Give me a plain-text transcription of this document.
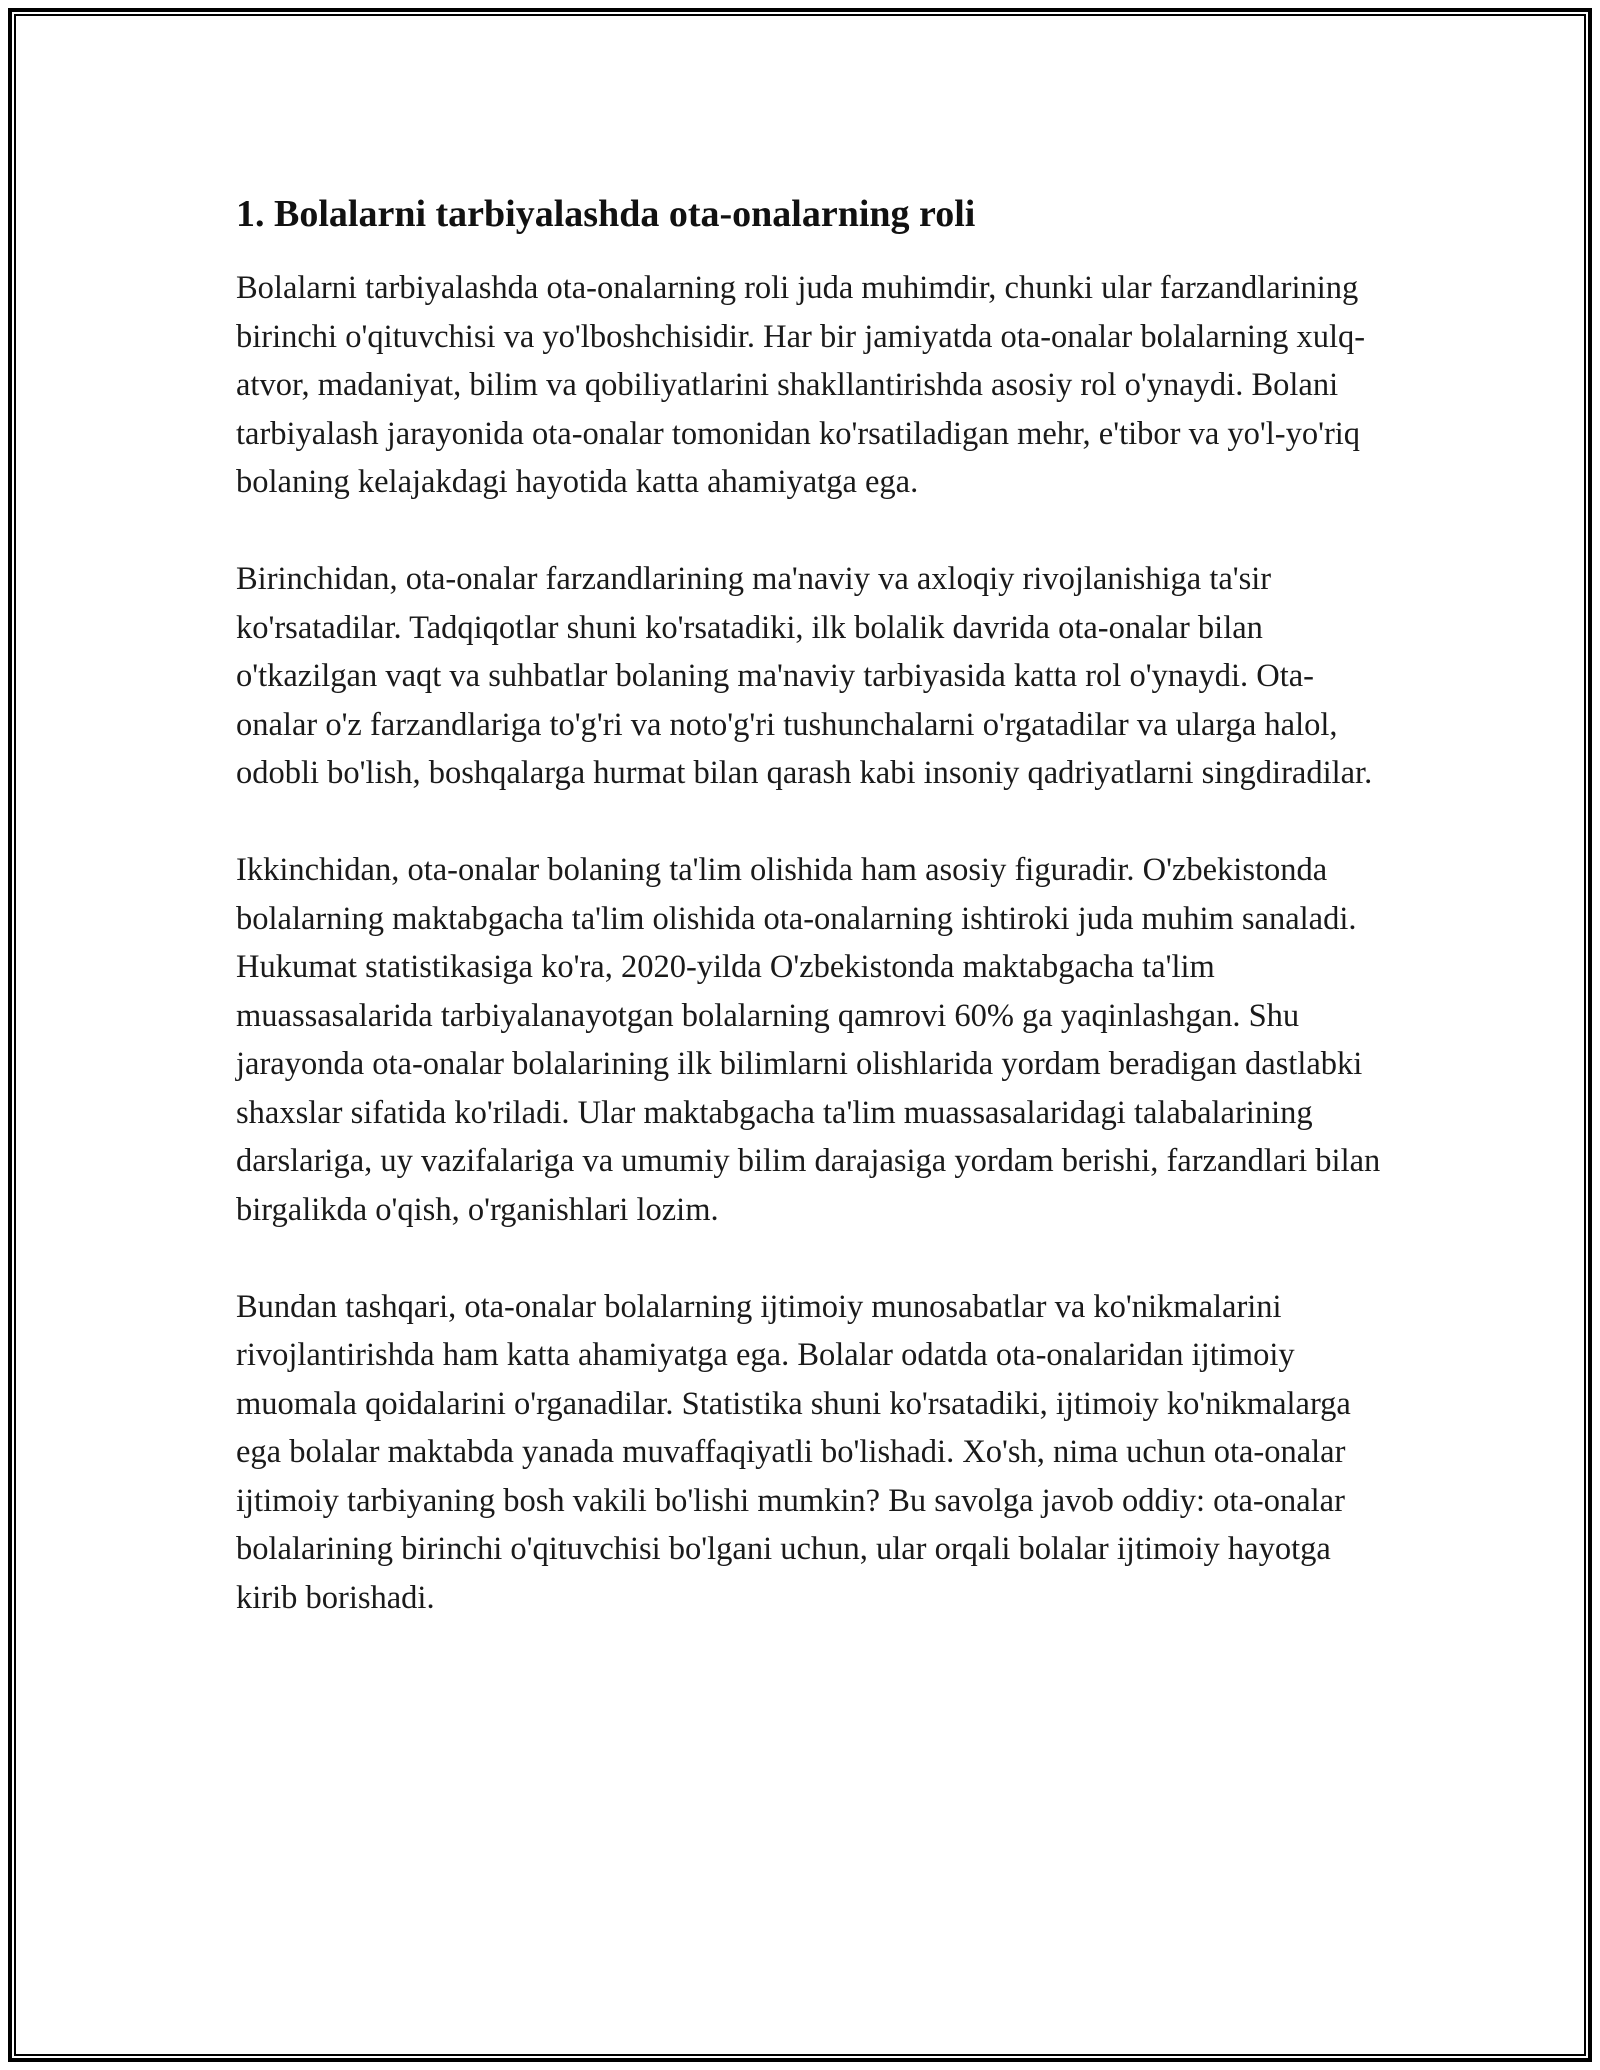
1. Bolalarni tarbiyalashda ota-onalarning roli

Bolalarni tarbiyalashda ota-onalarning roli juda muhimdir, chunki ular farzandlarining birinchi o'qituvchisi va yo'lboshchisidir. Har bir jamiyatda ota-onalar bolalarning xulq-atvor, madaniyat, bilim va qobiliyatlarini shakllantirishda asosiy rol o'ynaydi. Bolani tarbiyalash jarayonida ota-onalar tomonidan ko'rsatiladigan mehr, e'tibor va yo'l-yo'riq bolaning kelajakdagi hayotida katta ahamiyatga ega.

Birinchidan, ota-onalar farzandlarining ma'naviy va axloqiy rivojlanishiga ta'sir ko'rsatadilar. Tadqiqotlar shuni ko'rsatadiki, ilk bolalik davrida ota-onalar bilan o'tkazilgan vaqt va suhbatlar bolaning ma'naviy tarbiyasida katta rol o'ynaydi. Ota-onalar o'z farzandlariga to'g'ri va noto'g'ri tushunchalarni o'rgatadilar va ularga halol, odobli bo'lish, boshqalarga hurmat bilan qarash kabi insoniy qadriyatlarni singdiradilar.

Ikkinchidan, ota-onalar bolaning ta'lim olishida ham asosiy figuradir. O'zbekistonda bolalarning maktabgacha ta'lim olishida ota-onalarning ishtiroki juda muhim sanaladi. Hukumat statistikasiga ko'ra, 2020-yilda O'zbekistonda maktabgacha ta'lim muassasalarida tarbiyalanayotgan bolalarning qamrovi 60% ga yaqinlashgan. Shu jarayonda ota-onalar bolalarining ilk bilimlarni olishlarida yordam beradigan dastlabki shaxslar sifatida ko'riladi. Ular maktabgacha ta'lim muassasalaridagi talabalarining darslariga, uy vazifalariga va umumiy bilim darajasiga yordam berishi, farzandlari bilan birgalikda o'qish, o'rganishlari lozim.

Bundan tashqari, ota-onalar bolalarning ijtimoiy munosabatlar va ko'nikmalarini rivojlantirishda ham katta ahamiyatga ega. Bolalar odatda ota-onalaridan ijtimoiy muomala qoidalarini o'rganadilar. Statistika shuni ko'rsatadiki, ijtimoiy ko'nikmalarga ega bolalar maktabda yanada muvaffaqiyatli bo'lishadi. Xo'sh, nima uchun ota-onalar ijtimoiy tarbiyaning bosh vakili bo'lishi mumkin? Bu savolga javob oddiy: ota-onalar bolalarining birinchi o'qituvchisi bo'lgani uchun, ular orqali bolalar ijtimoiy hayotga kirib borishadi.
